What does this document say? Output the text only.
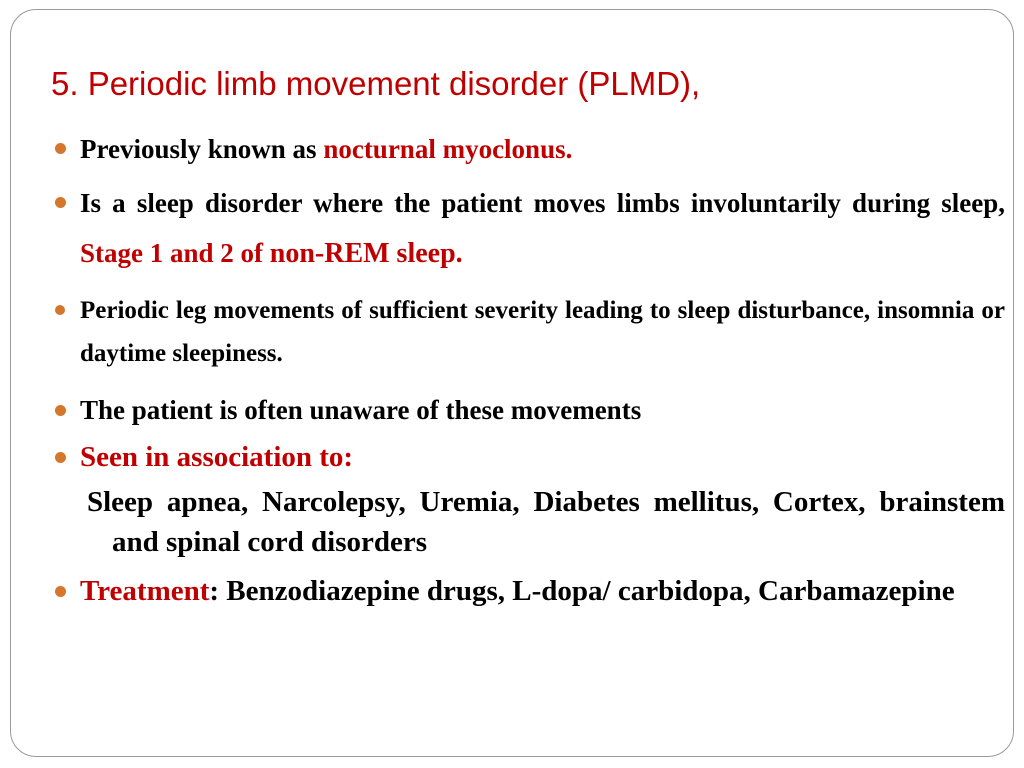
5. Periodic limb movement disorder (PLMD),
Previously known as nocturnal myoclonus.
Is a sleep disorder where the patient moves limbs involuntarily during sleep, Stage 1 and 2 of non-REM sleep.
Periodic leg movements of sufficient severity leading to sleep disturbance, insomnia or daytime sleepiness.
The patient is often unaware of these movements
Seen in association to:
Sleep apnea, Narcolepsy, Uremia, Diabetes mellitus, Cortex, brainstem and spinal cord disorders
Treatment: Benzodiazepine drugs, L-dopa/ carbidopa, Carbamazepine
